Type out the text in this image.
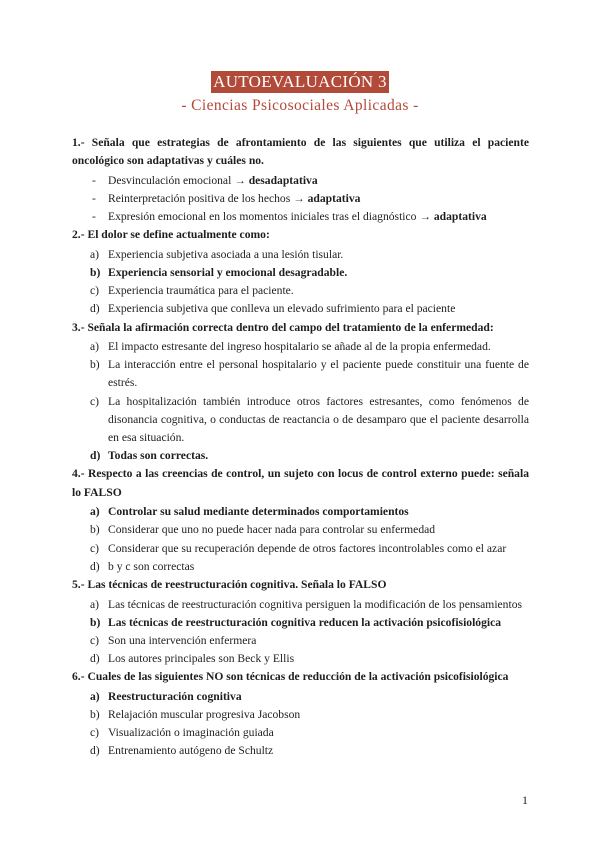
AUTOEVALUACIÓN 3
- Ciencias Psicosociales Aplicadas -

1.- Señala que estrategias de afrontamiento de las siguientes que utiliza el paciente oncológico son adaptativas y cuáles no.

- Desvinculación emocional → desadaptativa
- Reinterpretación positiva de los hechos → adaptativa
- Expresión emocional en los momentos iniciales tras el diagnóstico → adaptativa

2.- El dolor se define actualmente como:

a) Experiencia subjetiva asociada a una lesión tisular.
b) Experiencia sensorial y emocional desagradable.
c) Experiencia traumática para el paciente.
d) Experiencia subjetiva que conlleva un elevado sufrimiento para el paciente

3.- Señala la afirmación correcta dentro del campo del tratamiento de la enfermedad:

a) El impacto estresante del ingreso hospitalario se añade al de la propia enfermedad.
b) La interacción entre el personal hospitalario y el paciente puede constituir una fuente de estrés.
c) La hospitalización también introduce otros factores estresantes, como fenómenos de disonancia cognitiva, o conductas de reactancia o de desamparo que el paciente desarrolla en esa situación.
d) Todas son correctas.

4.- Respecto a las creencias de control, un sujeto con locus de control externo puede: señala lo FALSO

a) Controlar su salud mediante determinados comportamientos
b) Considerar que uno no puede hacer nada para controlar su enfermedad
c) Considerar que su recuperación depende de otros factores incontrolables como el azar
d) b y c son correctas

5.- Las técnicas de reestructuración cognitiva. Señala lo FALSO

a) Las técnicas de reestructuración cognitiva persiguen la modificación de los pensamientos
b) Las técnicas de reestructuración cognitiva reducen la activación psicofisiológica
c) Son una intervención enfermera
d) Los autores principales son Beck y Ellis

6.- Cuales de las siguientes NO son técnicas de reducción de la activación psicofisiológica

a) Reestructuración cognitiva
b) Relajación muscular progresiva Jacobson
c) Visualización o imaginación guiada
d) Entrenamiento autógeno de Schultz
1
